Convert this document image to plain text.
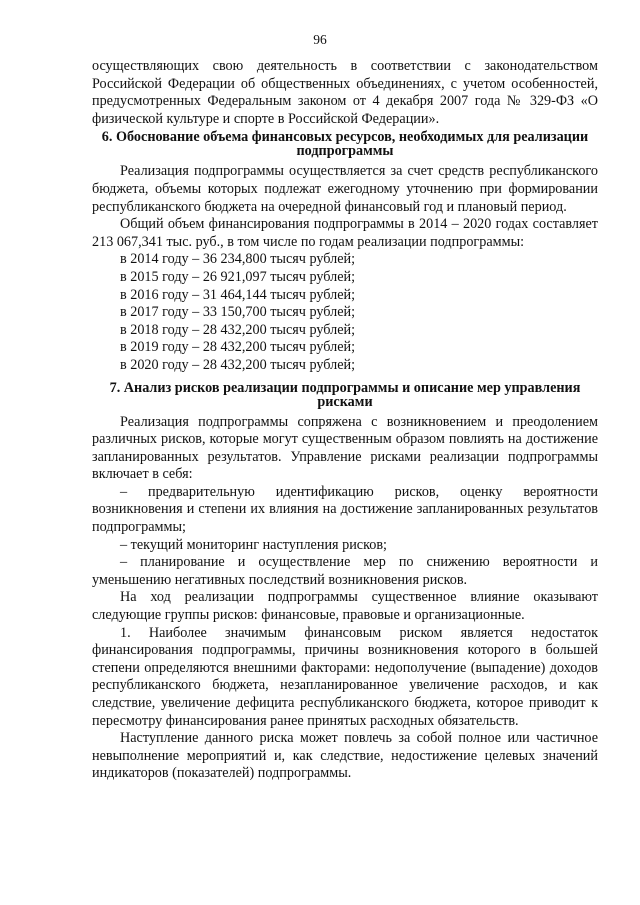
96

осуществляющих свою деятельность в соответствии с законодательством Российской Федерации об общественных объединениях, с учетом особенностей, предусмотренных Федеральным законом от 4 декабря 2007 года № 329-ФЗ «О физической культуре и спорте в Российской Федерации».

6. Обоснование объема финансовых ресурсов, необходимых для реализации подпрограммы

Реализация подпрограммы осуществляется за счет средств республиканского бюджета, объемы которых подлежат ежегодному уточнению при формировании республиканского бюджета на очередной финансовый год и плановый период.

Общий объем финансирования подпрограммы в 2014 – 2020 годах составляет 213 067,341 тыс. руб., в том числе по годам реализации подпрограммы:

в 2014 году – 36 234,800 тысяч рублей;
в 2015 году – 26 921,097 тысяч рублей;
в 2016 году – 31 464,144 тысяч рублей;
в 2017 году – 33 150,700 тысяч рублей;
в 2018 году – 28 432,200 тысяч рублей;
в 2019 году – 28 432,200 тысяч рублей;
в 2020 году – 28 432,200 тысяч рублей;
7. Анализ рисков реализации подпрограммы и описание мер управления рисками

Реализация подпрограммы сопряжена с возникновением и преодолением различных рисков, которые могут существенным образом повлиять на достижение запланированных результатов. Управление рисками реализации подпрограммы включает в себя:

– предварительную идентификацию рисков, оценку вероятности возникновения и степени их влияния на достижение запланированных результатов подпрограммы;

– текущий мониторинг наступления рисков;

– планирование и осуществление мер по снижению вероятности и уменьшению негативных последствий возникновения рисков.

На ход реализации подпрограммы существенное влияние оказывают следующие группы рисков: финансовые, правовые и организационные.

1. Наиболее значимым финансовым риском является недостаток финансирования подпрограммы, причины возникновения которого в большей степени определяются внешними факторами: недополучение (выпадение) доходов республиканского бюджета, незапланированное увеличение расходов, и как следствие, увеличение дефицита республиканского бюджета, которое приводит к пересмотру финансирования ранее принятых расходных обязательств.

Наступление данного риска может повлечь за собой полное или частичное невыполнение мероприятий и, как следствие, недостижение целевых значений индикаторов (показателей) подпрограммы.
